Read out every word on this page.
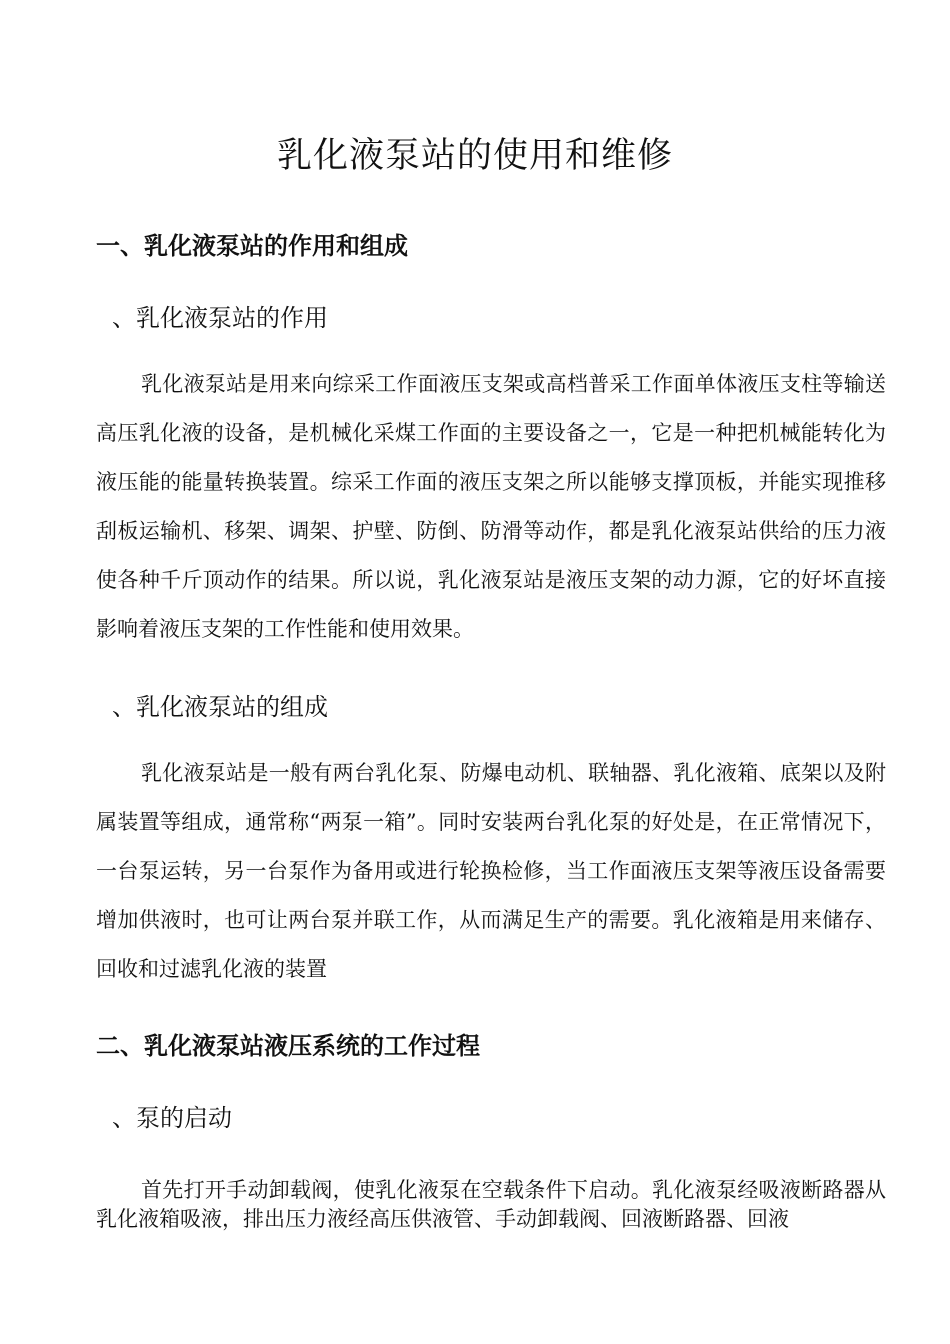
乳化液泵站的使用和维修
一、乳化液泵站的作用和组成
、乳化液泵站的作用

乳化液泵站是用来向综采工作面液压支架或高档普采工作面单体液压支柱等输送高压乳化液的设备，是机械化采煤工作面的主要设备之一，它是一种把机械能转化为液压能的能量转换装置。综采工作面的液压支架之所以能够支撑顶板，并能实现推移刮板运输机、移架、调架、护壁、防倒、防滑等动作，都是乳化液泵站供给的压力液使各种千斤顶动作的结果。所以说，乳化液泵站是液压支架的动力源，它的好坏直接影响着液压支架的工作性能和使用效果。

、乳化液泵站的组成

乳化液泵站是一般有两台乳化泵、防爆电动机、联轴器、乳化液箱、底架以及附属装置等组成，通常称“两泵一箱”。同时安装两台乳化泵的好处是，在正常情况下，一台泵运转，另一台泵作为备用或进行轮换检修，当工作面液压支架等液压设备需要增加供液时，也可让两台泵并联工作，从而满足生产的需要。乳化液箱是用来储存、回收和过滤乳化液的装置

二、乳化液泵站液压系统的工作过程
、泵的启动

首先打开手动卸载阀，使乳化液泵在空载条件下启动。乳化液泵经吸液断路器从乳化液箱吸液，排出压力液经高压供液管、手动卸载阀、回液断路器、回液
